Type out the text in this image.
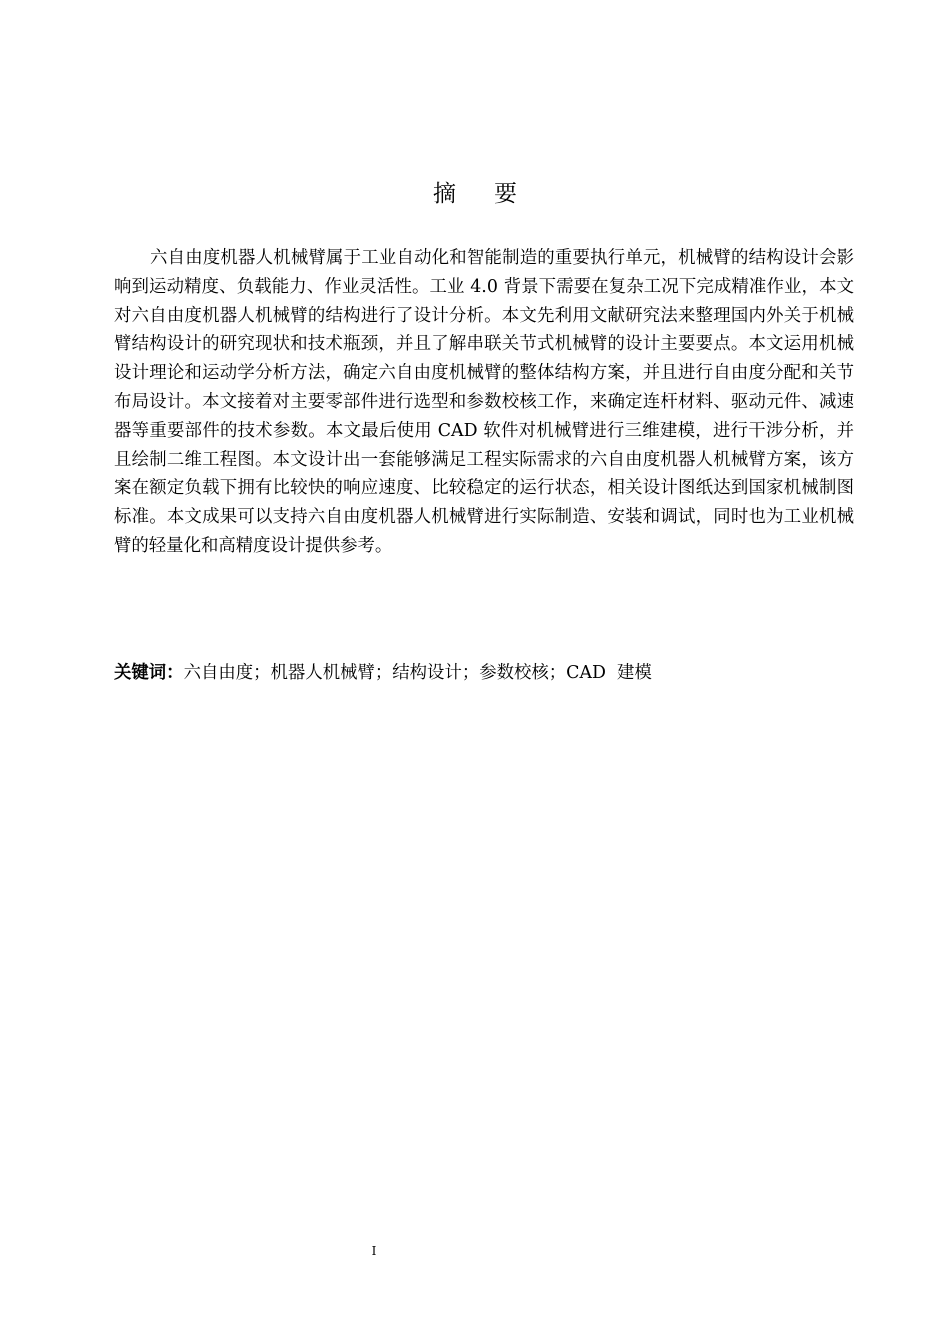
摘要

六自由度机器人机械臂属于工业自动化和智能制造的重要执行单元，机械臂的结构设计会影响到运动精度、负载能力、作业灵活性。工业 4.0 背景下需要在复杂工况下完成精准作业，本文对六自由度机器人机械臂的结构进行了设计分析。本文先利用文献研究法来整理国内外关于机械臂结构设计的研究现状和技术瓶颈，并且了解串联关节式机械臂的设计主要要点。本文运用机械设计理论和运动学分析方法，确定六自由度机械臂的整体结构方案，并且进行自由度分配和关节布局设计。本文接着对主要零部件进行选型和参数校核工作，来确定连杆材料、驱动元件、减速器等重要部件的技术参数。本文最后使用 CAD 软件对机械臂进行三维建模，进行干涉分析，并且绘制二维工程图。本文设计出一套能够满足工程实际需求的六自由度机器人机械臂方案，该方案在额定负载下拥有比较快的响应速度、比较稳定的运行状态，相关设计图纸达到国家机械制图标准。本文成果可以支持六自由度机器人机械臂进行实际制造、安装和调试，同时也为工业机械臂的轻量化和高精度设计提供参考。

关键词：六自由度；机器人机械臂；结构设计；参数校核；CAD  建模

I
